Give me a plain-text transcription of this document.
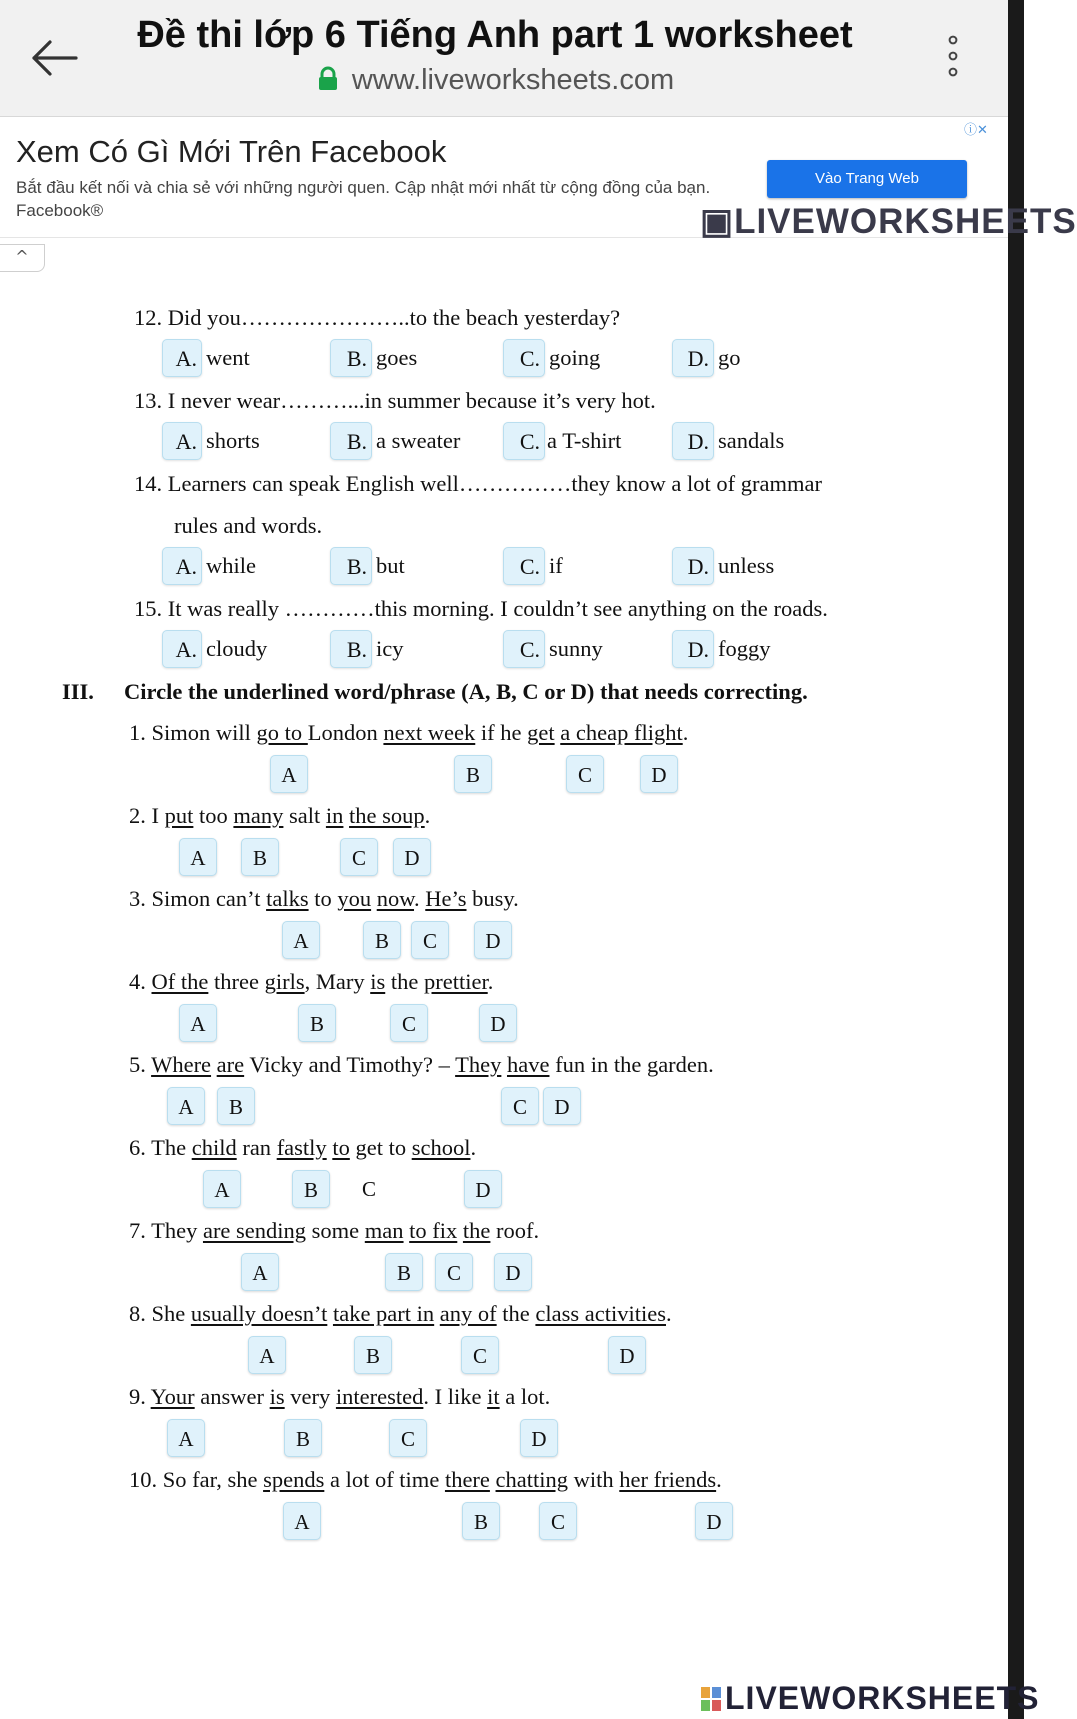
Đề thi lớp 6 Tiếng Anh part 1 worksheet
www.liveworksheets.com
ⓘ✕
Xem Có Gì Mới Trên Facebook
Bắt đầu kết nối và chia sẻ với những người quen. Cập nhật mới nhất từ cộng đồng của bạn. Facebook®
Vào Trang Web
^
▣LIVEWORKSHEETS
12. Did you…………………..to the beach yesterday?
A. went	B. goes	C. going	D. go
13. I never wear………...in summer because it’s very hot.
A. shorts	B. a sweater	C. a T-shirt	D. sandals
14. Learners can speak English well……………they know a lot of grammar
rules and words.
A. while	B. but	C. if	D. unless
15. It was really …………this morning. I couldn’t see anything on the roads.
A. cloudy	B. icy	C. sunny	D. foggy
III. Circle the underlined word/phrase (A, B, C or D) that needs correcting.
1. Simon will go to London next week if he get a cheap flight.
A	B	C	D
2. I put too many salt in the soup.
A	B	C	D
3. Simon can’t talks to you now. He’s busy.
A	B	C	D
4. Of the three girls, Mary is the prettier.
A	B	C	D
5. Where are Vicky and Timothy? – They have fun in the garden.
A	B	C	D
6. The child ran fastly to get to school.
A	B	C	D
7. They are sending some man to fix the roof.
A	B	C	D
8. She usually doesn’t take part in any of the class activities.
A	B	C	D
9. Your answer is very interested. I like it a lot.
A	B	C	D
10. So far, she spends a lot of time there chatting with her friends.
A	B	C	D
LIVEWORKSHEETS
